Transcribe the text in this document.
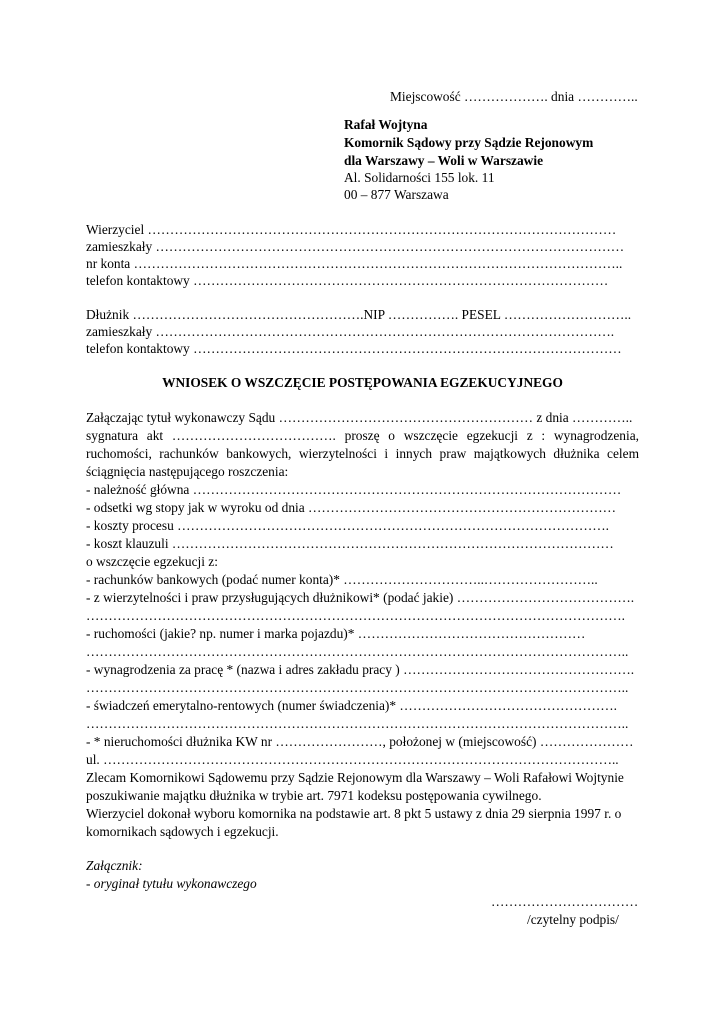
Miejscowość ………………. dnia …………..
Rafał Wojtyna
Komornik Sądowy przy Sądzie Rejonowym
dla Warszawy – Woli w Warszawie
Al. Solidarności 155 lok. 11
00 – 877 Warszawa
Wierzyciel ……………………………………………………………………………………………
zamieszkały ……………………………………………………………………………………………
nr konta ………………………………………………………………………………………………..
telefon kontaktowy …………………………………………………………………………………
Dłużnik …………………………………………….NIP ……………. PESEL ………………………..
zamieszkały ………………………………………………………………………………………….
telefon kontaktowy ……………………………………………………………………………………
WNIOSEK O WSZCZĘCIE POSTĘPOWANIA EGZEKUCYJNEGO
Załączając tytuł wykonawczy Sądu ………………………………………………… z dnia …………..
sygnatura akt ………………………………. proszę o wszczęcie egzekucji z : wynagrodzenia,
ruchomości, rachunków bankowych, wierzytelności i innych praw majątkowych dłużnika celem
ściągnięcia następującego roszczenia:
- należność główna ……………………………………………………………………………………
- odsetki wg stopy jak w wyroku od dnia ……………………………………………………………
- koszty procesu …………………………………………………………………………………….
- koszt klauzuli ………………………………………………………………………………………
o wszczęcie egzekucji z:
- rachunków bankowych (podać numer konta)* …………………………..……………………..
- z wierzytelności i praw przysługujących dłużnikowi* (podać jakie) ………………………………….
………………………………………………………………………………………………………….
- ruchomości (jakie? np. numer i marka pojazdu)* ……………………………………………
…………………………………………………………………………………………………………..
- wynagrodzenia za pracę * (nazwa i adres zakładu pracy ) …………………………………………….
…………………………………………………………………………………………………………..
- świadczeń emerytalno-rentowych (numer świadczenia)* ………………………………………….
…………………………………………………………………………………………………………..
- * nieruchomości dłużnika KW nr ……………………, położonej w (miejscowość) …………………
ul. ……………………………………………………………………………………………………..
Zlecam Komornikowi Sądowemu przy Sądzie Rejonowym dla Warszawy – Woli Rafałowi Wojtynie
poszukiwanie majątku dłużnika w trybie art. 7971 kodeksu postępowania cywilnego.
Wierzyciel dokonał wyboru komornika na podstawie art. 8 pkt 5 ustawy z dnia 29 sierpnia 1997 r. o
komornikach sądowych i egzekucji.
Załącznik:
- oryginał tytułu wykonawczego
……………………………
/czytelny podpis/
